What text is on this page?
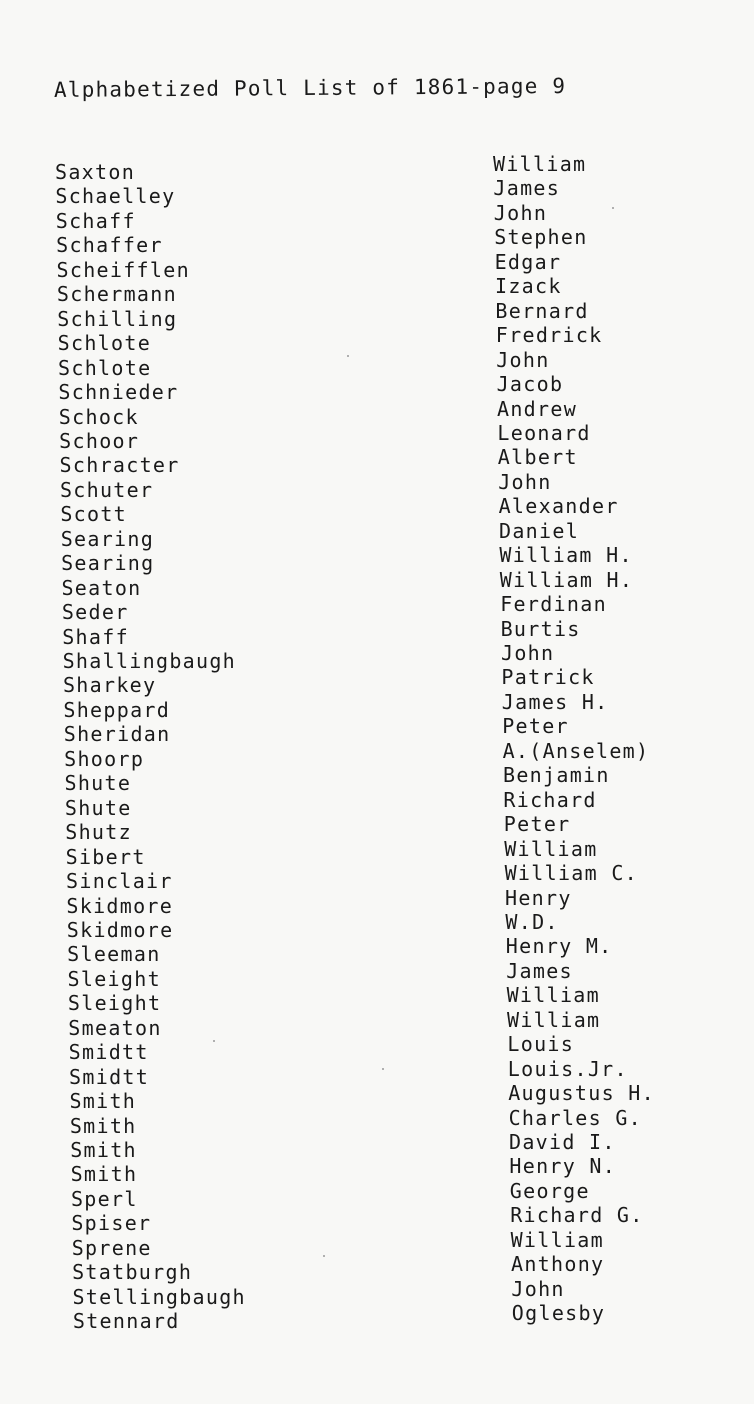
Alphabetized Poll List of 1861-page 9
Saxton	William
Schaelley	James
Schaff	John
Schaffer	Stephen
Scheifflen	Edgar
Schermann	Izack
Schilling	Bernard
Schlote	Fredrick
Schlote	John
Schnieder	Jacob
Schock	Andrew
Schoor	Leonard
Schracter	Albert
Schuter	John
Scott	Alexander
Searing	Daniel
Searing	William H.
Seaton	William H.
Seder	Ferdinan
Shaff	Burtis
Shallingbaugh	John
Sharkey	Patrick
Sheppard	James H.
Sheridan	Peter
Shoorp	A.(Anselem)
Shute	Benjamin
Shute	Richard
Shutz	Peter
Sibert	William
Sinclair	William C.
Skidmore	Henry
Skidmore	W.D.
Sleeman	Henry M.
Sleight	James
Sleight	William
Smeaton	William
Smidtt	Louis
Smidtt	Louis.Jr.
Smith	Augustus H.
Smith	Charles G.
Smith	David I.
Smith	Henry N.
Sperl	George
Spiser	Richard G.
Sprene	William
Statburgh	Anthony
Stellingbaugh	John
Stennard	Oglesby
